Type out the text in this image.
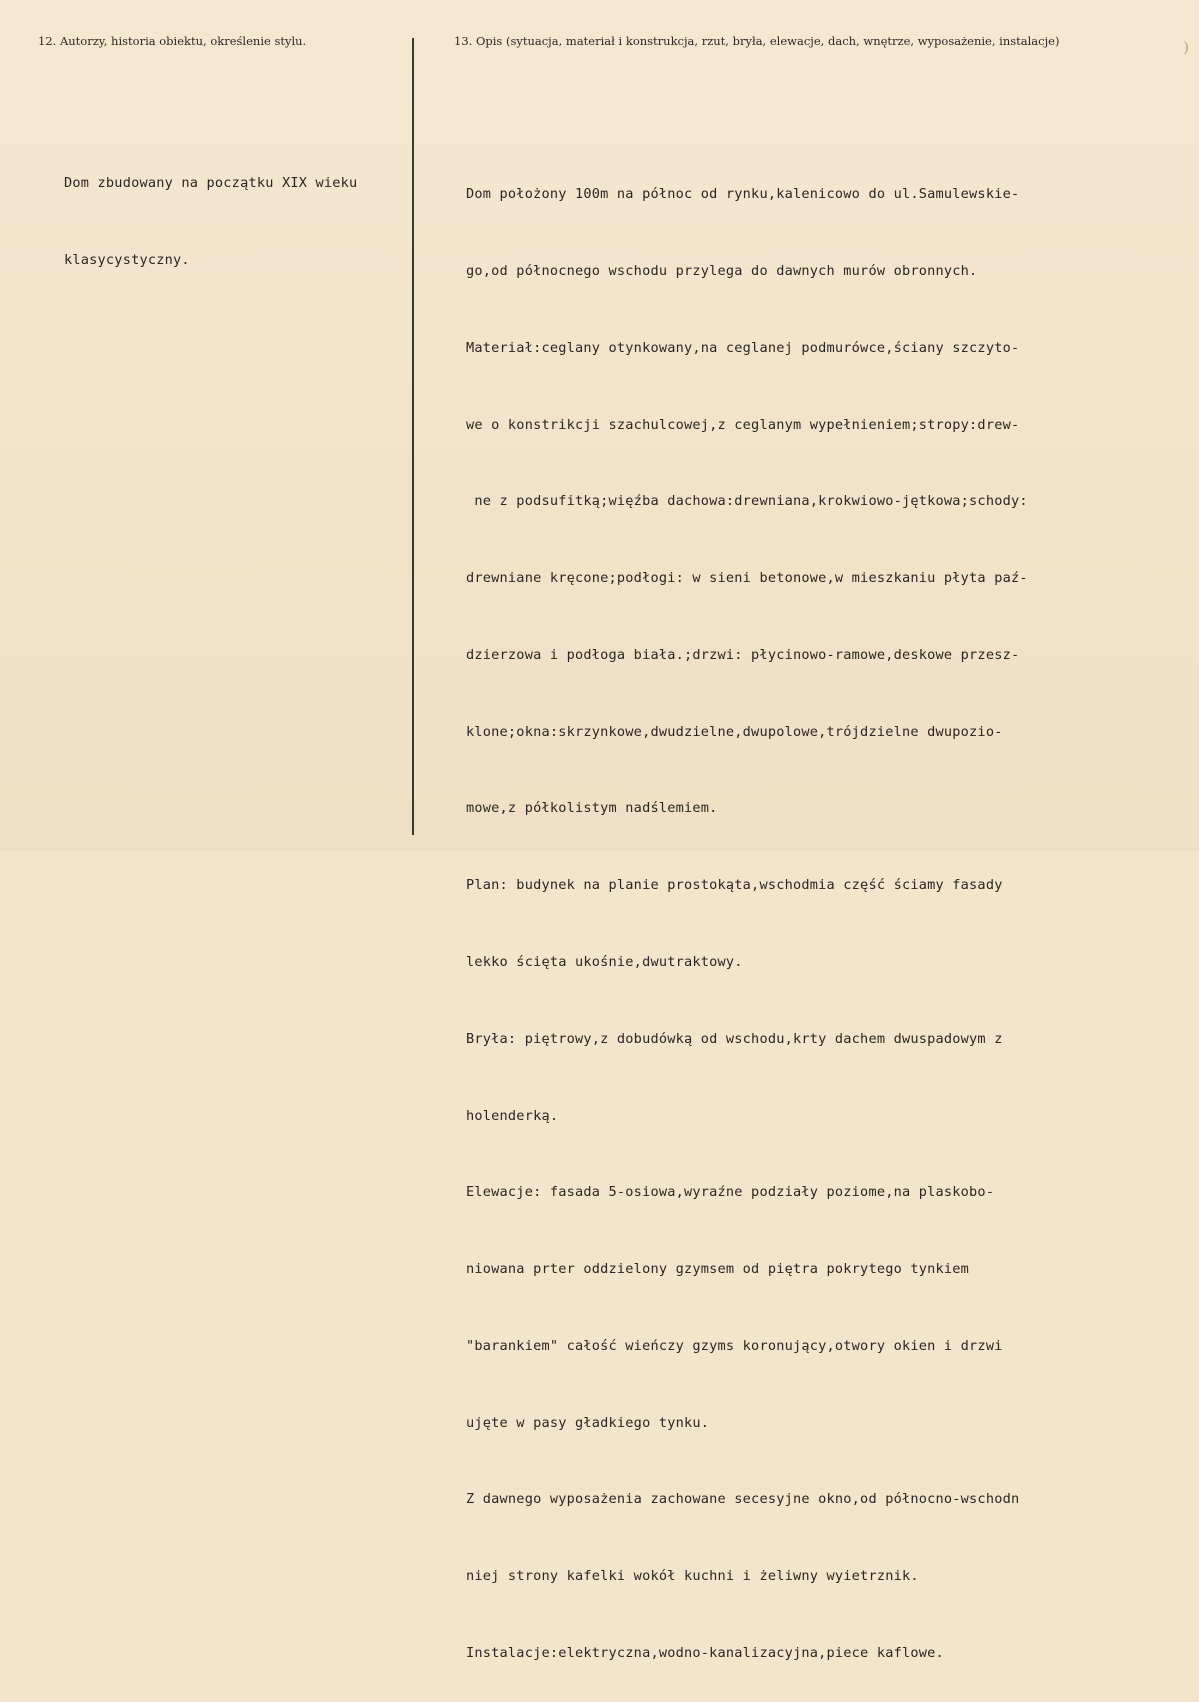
12. Autorzy, historia obiektu, określenie stylu.	13. Opis (sytuacja, materiał i konstrukcja, rzut, bryła, elewacje, dach, wnętrze, wyposażenie, instalacje)	)

Dom zbudowany na początku XIX wieku

klasycystyczny.

Dom położony 100m na północ od rynku,kalenicowo do ul.Samulewskie-

go,od północnego wschodu przylega do dawnych murów obronnych.

Materiał:ceglany otynkowany,na ceglanej podmurówce,ściany szczyto-

we o konstrikcji szachulcowej,z ceglanym wypełnieniem;stropy:drew-

ne z podsufitką;więźba dachowa:drewniana,krokwiowo-jętkowa;schody:

drewniane kręcone;podłogi: w sieni betonowe,w mieszkaniu płyta paź-

dzierzowa i podłoga biała.;drzwi: płycinowo-ramowe,deskowe przesz-

klone;okna:skrzynkowe,dwudzielne,dwupolowe,trójdzielne dwupozio-

mowe,z półkolistym nadślemiem.

Plan: budynek na planie prostokąta,wschodmia część ściamy fasady

lekko ścięta ukośnie,dwutraktowy.

Bryła: piętrowy,z dobudówką od wschodu,krty dachem dwuspadowym z

holenderką.

Elewacje: fasada 5-osiowa,wyraźne podziały poziome,na plaskobo-

niowana prter oddzielony gzymsem od piętra pokrytego tynkiem

"barankiem" całość wieńczy gzyms koronujący,otwory okien i drzwi

ujęte w pasy gładkiego tynku.

Z dawnego wyposażenia zachowane secesyjne okno,od północno-wschodn

niej strony kafelki wokół kuchni i żeliwny wyietrznik.

Instalacje:elektryczna,wodno-kanalizacyjna,piece kaflowe.
